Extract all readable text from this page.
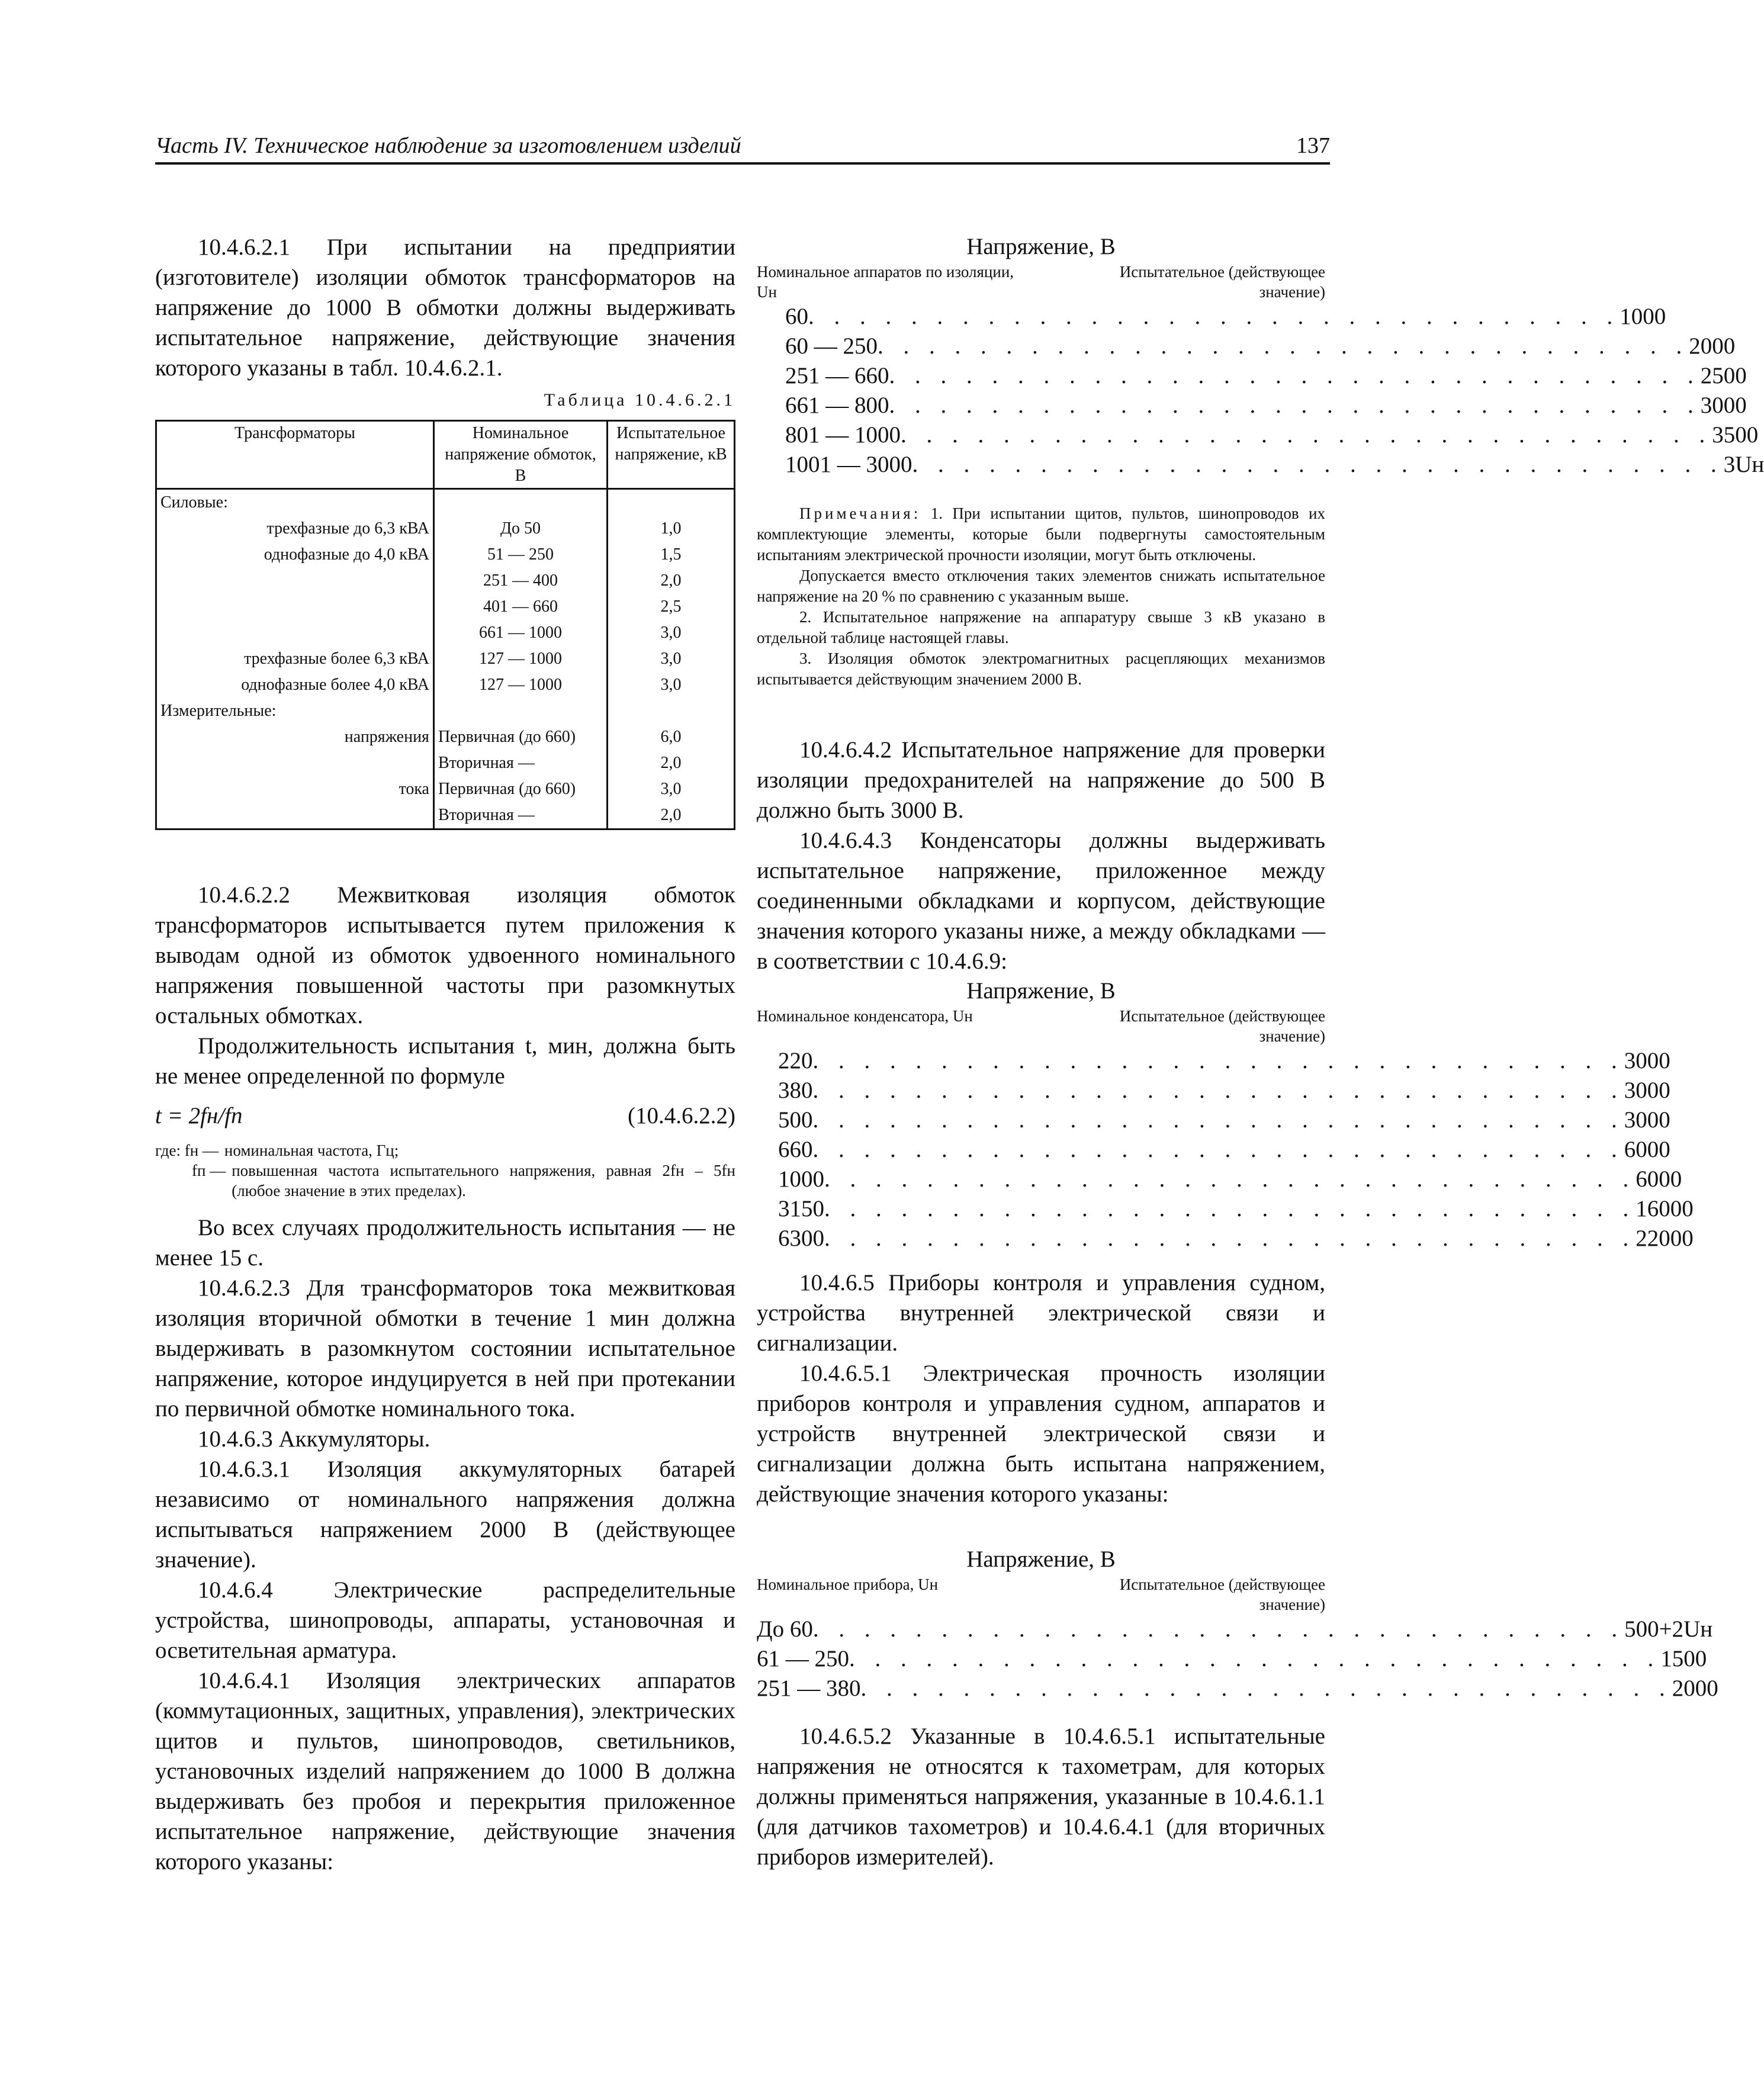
Часть IV. Техническое наблюдение за изготовлением изделий	137

10.4.6.2.1 При испытании на предприятии (изготовителе) изоляции обмоток трансформаторов на напряжение до 1000 В обмотки должны выдерживать испытательное напряжение, действующие значения которого указаны в табл. 10.4.6.2.1.

Таблица 10.4.6.2.1
Трансформаторы	Номинальное напряжение обмоток, В	Испытательное напряжение, кВ
Силовые:		
трехфазные до 6,3 кВА	До 50	1,0
однофазные до 4,0 кВА	51 — 250	1,5
	251 — 400	2,0
	401 — 660	2,5
	661 — 1000	3,0
трехфазные более 6,3 кВА	127 — 1000	3,0
однофазные более 4,0 кВА	127 — 1000	3,0
Измерительные:		
напряжения	Первичная (до 660)	6,0
	Вторичная —	2,0
тока	Первичная (до 660)	3,0
	Вторичная —	2,0

10.4.6.2.2 Межвитковая изоляция обмоток трансформаторов испытывается путем приложения к выводам одной из обмоток удвоенного номинального напряжения повышенной частоты при разомкнутых остальных обмотках.

Продолжительность испытания t, мин, должна быть не менее определенной по формуле

t = 2fн/fп	(10.4.6.2.2)
где: fн — номинальная частота, Гц;
fп — повышенная частота испытательного напряжения, равная 2fн – 5fн (любое значение в этих пределах).

Во всех случаях продолжительность испытания — не менее 15 с.

10.4.6.2.3 Для трансформаторов тока межвитковая изоляция вторичной обмотки в течение 1 мин должна выдерживать в разомкнутом состоянии испытательное напряжение, которое индуцируется в ней при протекании по первичной обмотке номинального тока.

10.4.6.3 Аккумуляторы.

10.4.6.3.1 Изоляция аккумуляторных батарей независимо от номинального напряжения должна испытываться напряжением 2000 В (действующее значение).

10.4.6.4 Электрические распределительные устройства, шинопроводы, аппараты, установочная и осветительная арматура.

10.4.6.4.1 Изоляция электрических аппаратов (коммутационных, защитных, управления), электрических щитов и пультов, шинопроводов, светильников, установочных изделий напряжением до 1000 В должна выдерживать без пробоя и перекрытия приложенное испытательное напряжение, действующие значения которого указаны:

Напряжение, В
Номинальное аппаратов по изоляции, Uн
Испытательное (действующее значение)
60 . . . . . . . . . . . . . . . . . . . . . . . . . . . . . . . . 1000
60 — 250 . . . . . . . . . . . . . . . . . . . . . . . . . . . . . . . . 2000
251 — 660 . . . . . . . . . . . . . . . . . . . . . . . . . . . . . . . . 2500
661 — 800 . . . . . . . . . . . . . . . . . . . . . . . . . . . . . . . . 3000
801 — 1000 . . . . . . . . . . . . . . . . . . . . . . . . . . . . . . . . 3500
1001 — 3000 . . . . . . . . . . . . . . . . . . . . . . . . . . . . . . . . 3Uн

Примечания: 1. При испытании щитов, пультов, шинопроводов их комплектующие элементы, которые были подвергнуты самостоятельным испытаниям электрической прочности изоляции, могут быть отключены.

Допускается вместо отключения таких элементов снижать испытательное напряжение на 20 % по сравнению с указанным выше.

2. Испытательное напряжение на аппаратуру свыше 3 кВ указано в отдельной таблице настоящей главы.

3. Изоляция обмоток электромагнитных расцепляющих механизмов испытывается действующим значением 2000 В.

10.4.6.4.2 Испытательное напряжение для проверки изоляции предохранителей на напряжение до 500 В должно быть 3000 В.

10.4.6.4.3 Конденсаторы должны выдерживать испытательное напряжение, приложенное между соединенными обкладками и корпусом, действующие значения которого указаны ниже, а между обкладками — в соответствии с 10.4.6.9:

Напряжение, В
Номинальное конденсатора, Uн	Испытательное (действующее значение)
220 . . . . . . . . . . . . . . . . . . . . . . . . . . . . . . . . 3000
380 . . . . . . . . . . . . . . . . . . . . . . . . . . . . . . . . 3000
500 . . . . . . . . . . . . . . . . . . . . . . . . . . . . . . . . 3000
660 . . . . . . . . . . . . . . . . . . . . . . . . . . . . . . . . 6000
1000 . . . . . . . . . . . . . . . . . . . . . . . . . . . . . . . . 6000
3150 . . . . . . . . . . . . . . . . . . . . . . . . . . . . . . . . 16000
6300 . . . . . . . . . . . . . . . . . . . . . . . . . . . . . . . . 22000

10.4.6.5 Приборы контроля и управления судном, устройства внутренней электрической связи и сигнализации.

10.4.6.5.1 Электрическая прочность изоляции приборов контроля и управления судном, аппаратов и устройств внутренней электрической связи и сигнализации должна быть испытана напряжением, действующие значения которого указаны:

Напряжение, В
Номинальное прибора, Uн	Испытательное (действующее значение)
До 60 . . . . . . . . . . . . . . . . . . . . . . . . . . . . . . . . 500+2Uн
61 — 250 . . . . . . . . . . . . . . . . . . . . . . . . . . . . . . . . 1500
251 — 380 . . . . . . . . . . . . . . . . . . . . . . . . . . . . . . . . 2000

10.4.6.5.2 Указанные в 10.4.6.5.1 испытательные напряжения не относятся к тахометрам, для которых должны применяться напряжения, указанные в 10.4.6.1.1 (для датчиков тахометров) и 10.4.6.4.1 (для вторичных приборов измерителей).
